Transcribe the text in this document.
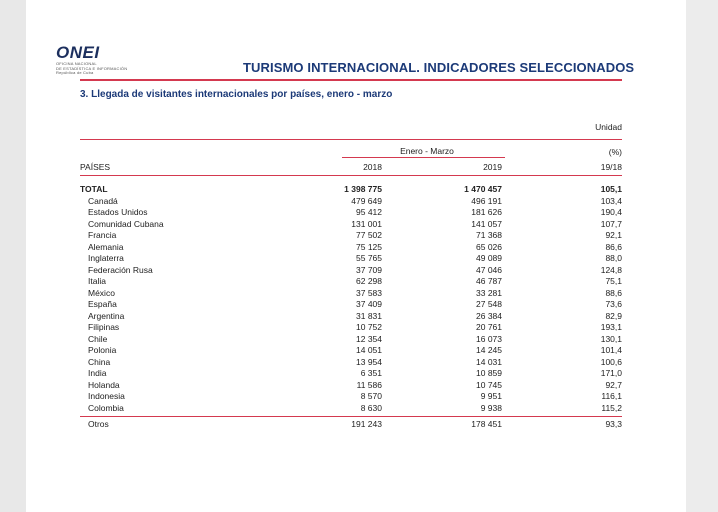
ONEI
OFICINA NACIONAL
DE ESTADÍSTICA E INFORMACIÓN
República de Cuba	TURISMO INTERNACIONAL. INDICADORES SELECCIONADOS
3. Llegada de visitantes internacionales por países, enero - marzo
Unidad
Enero - Marzo	(%)
PAÍSES	2018	2019	19/18
TOTAL	1 398 775	1 470 457	105,1
Canadá	479 649	496 191	103,4
Estados Unidos	95 412	181 626	190,4
Comunidad Cubana	131 001	141 057	107,7
Francia	77 502	71 368	92,1
Alemania	75 125	65 026	86,6
Inglaterra	55 765	49 089	88,0
Federación Rusa	37 709	47 046	124,8
Italia	62 298	46 787	75,1
México	37 583	33 281	88,6
España	37 409	27 548	73,6
Argentina	31 831	26 384	82,9
Filipinas	10 752	20 761	193,1
Chile	12 354	16 073	130,1
Polonia	14 051	14 245	101,4
China	13 954	14 031	100,6
India	6 351	10 859	171,0
Holanda	11 586	10 745	92,7
Indonesia	8 570	9 951	116,1
Colombia	8 630	9 938	115,2
Otros	191 243	178 451	93,3
